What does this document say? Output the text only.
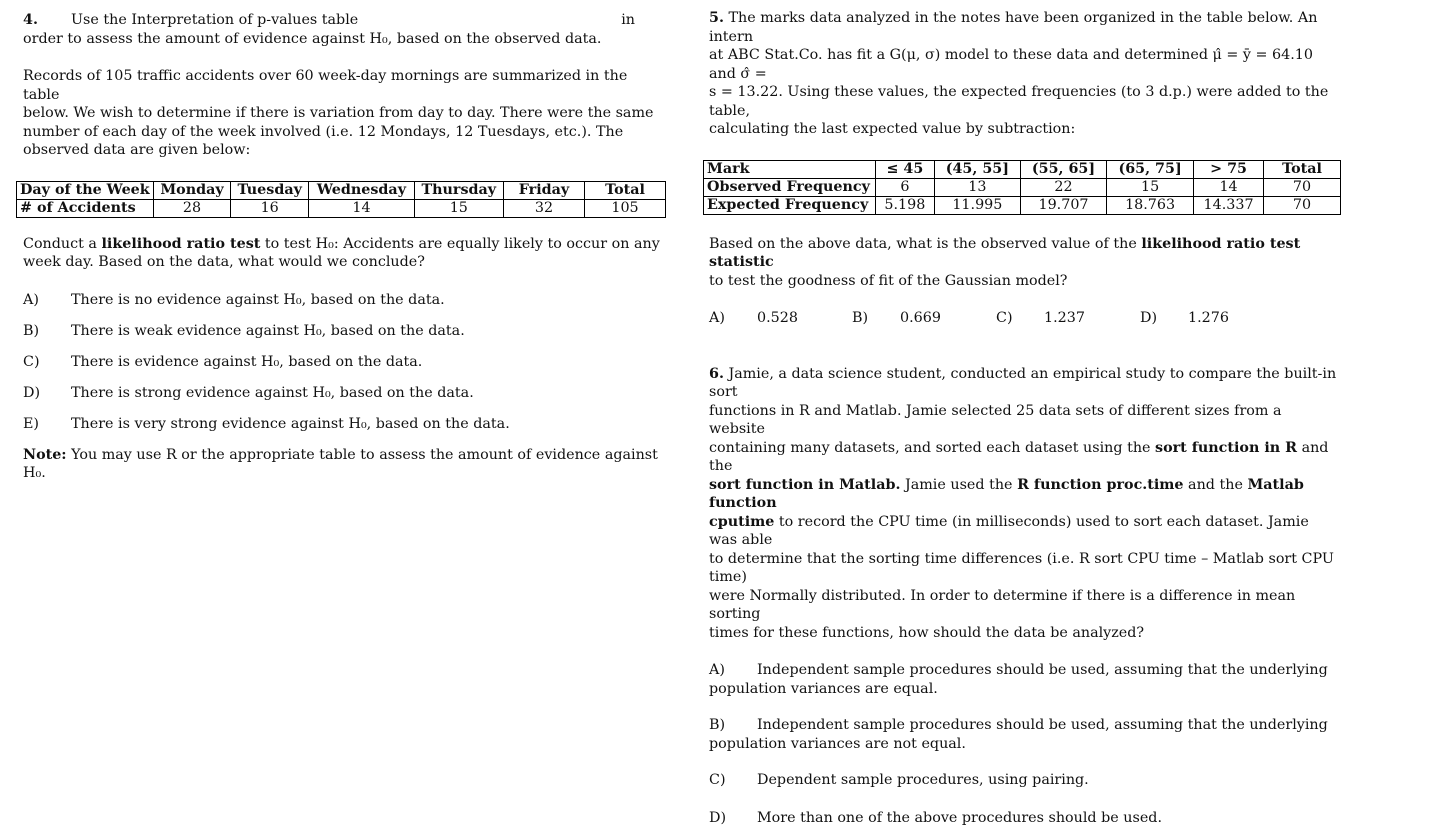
4. Use the Interpretation of p-values table	in
order to assess the amount of evidence against H₀, based on the observed data.
Records of 105 traffic accidents over 60 week-day mornings are summarized in the table
below. We wish to determine if there is variation from day to day. There were the same
number of each day of the week involved (i.e. 12 Mondays, 12 Tuesdays, etc.). The
observed data are given below:
Day of the Week	Monday	Tuesday	Wednesday	Thursday	Friday	Total
# of Accidents	28	16	14	15	32	105
Conduct a likelihood ratio test to test H₀: Accidents are equally likely to occur on any
week day. Based on the data, what would we conclude?
A)	There is no evidence against H₀, based on the data.
B)	There is weak evidence against H₀, based on the data.
C)	There is evidence against H₀, based on the data.
D)	There is strong evidence against H₀, based on the data.
E)	There is very strong evidence against H₀, based on the data.
Note: You may use R or the appropriate table to assess the amount of evidence against H₀.
5. The marks data analyzed in the notes have been organized in the table below. An intern
at ABC Stat.Co. has fit a G(μ, σ) model to these data and determined μ̂ = ȳ = 64.10 and σ̂ =
s = 13.22. Using these values, the expected frequencies (to 3 d.p.) were added to the table,
calculating the last expected value by subtraction:
Mark	≤ 45	(45, 55]	(55, 65]	(65, 75]	> 75	Total
Observed Frequency	6	13	22	15	14	70
Expected Frequency	5.198	11.995	19.707	18.763	14.337	70
Based on the above data, what is the observed value of the likelihood ratio test statistic
to test the goodness of fit of the Gaussian model?
A) 0.528	B) 0.669	C) 1.237	D) 1.276
6. Jamie, a data science student, conducted an empirical study to compare the built-in sort
functions in R and Matlab. Jamie selected 25 data sets of different sizes from a website
containing many datasets, and sorted each dataset using the sort function in R and the
sort function in Matlab. Jamie used the R function proc.time and the Matlab function
cputime to record the CPU time (in milliseconds) used to sort each dataset. Jamie was able
to determine that the sorting time differences (i.e. R sort CPU time – Matlab sort CPU time)
were Normally distributed. In order to determine if there is a difference in mean sorting
times for these functions, how should the data be analyzed?
A) Independent sample procedures should be used, assuming that the underlying
population variances are equal.
B) Independent sample procedures should be used, assuming that the underlying
population variances are not equal.
C) Dependent sample procedures, using pairing.
D) More than one of the above procedures should be used.
